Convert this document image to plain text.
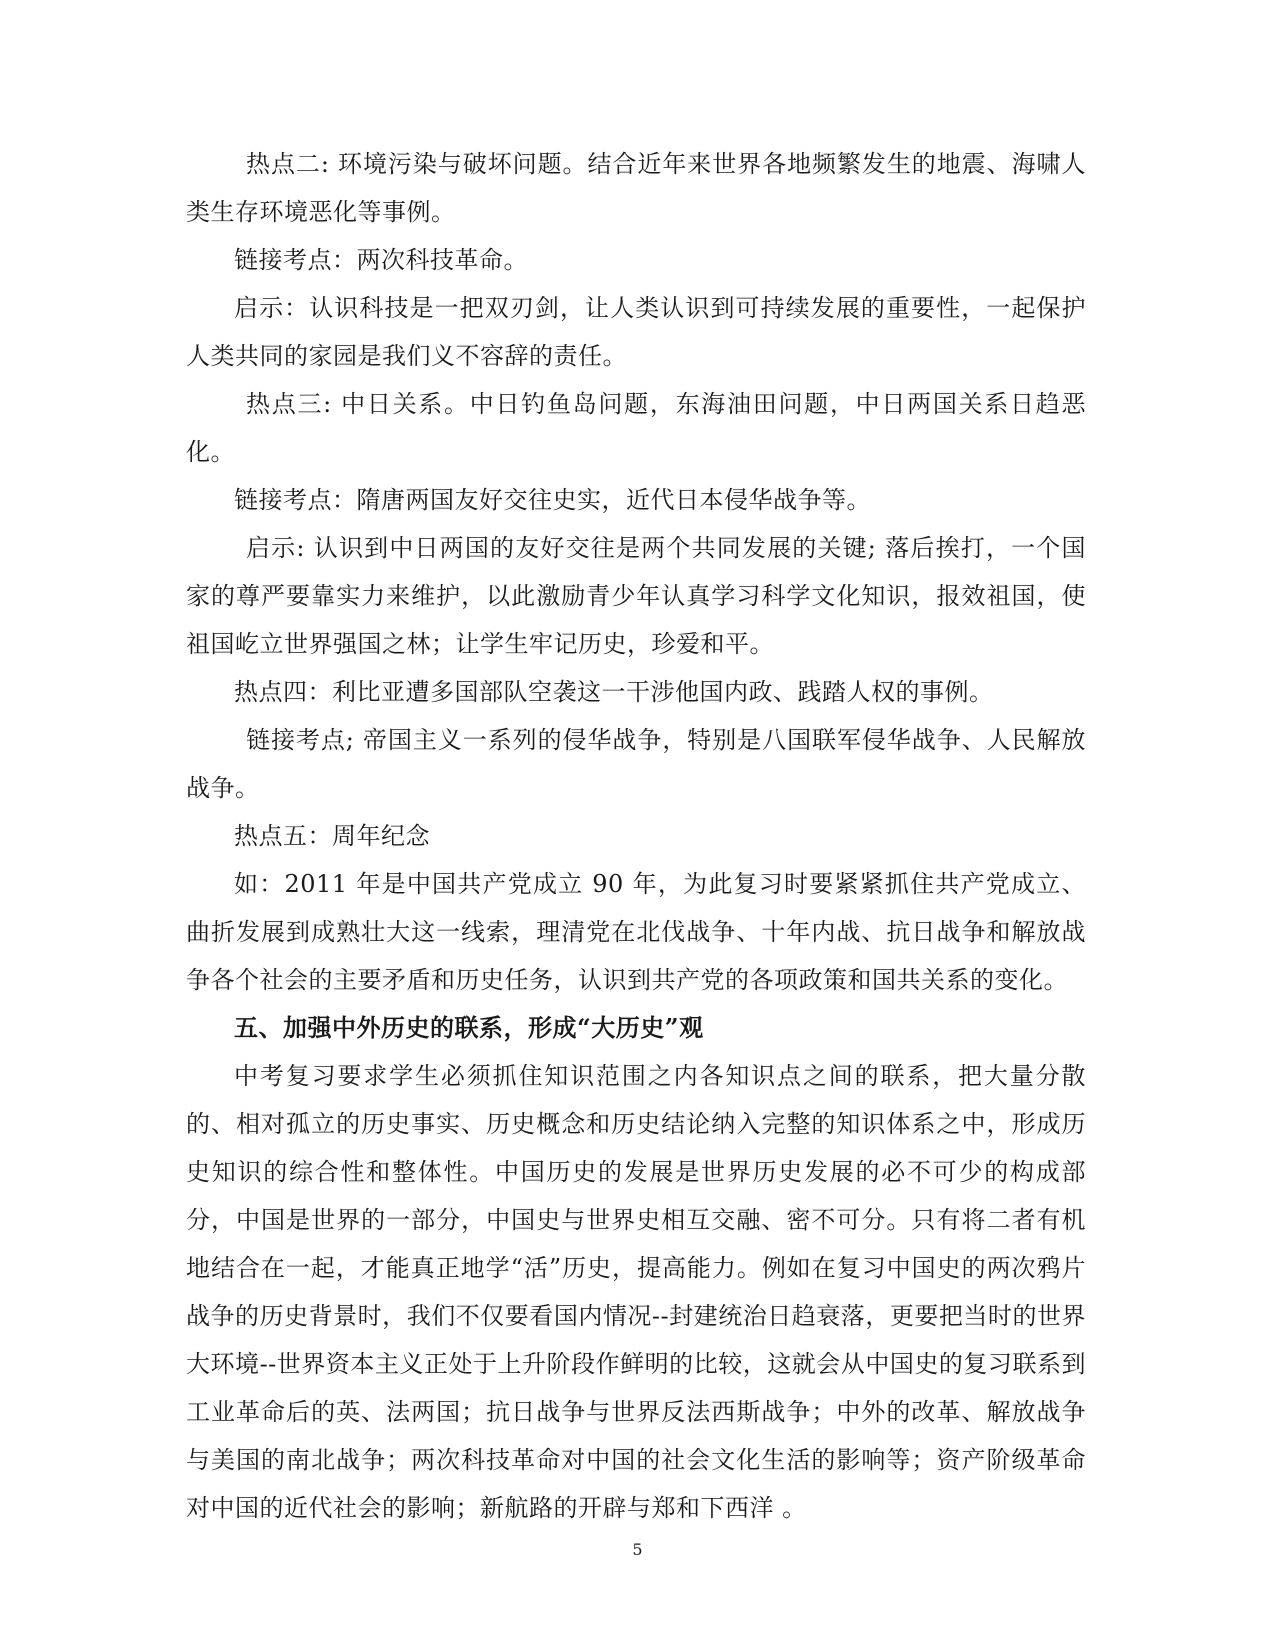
热点二: 环境污染与破坏问题。结合近年来世界各地频繁发生的地震、海啸人类生存环境恶化等事例。

链接考点：两次科技革命。

启示：认识科技是一把双刃剑，让人类认识到可持续发展的重要性，一起保护人类共同的家园是我们义不容辞的责任。

热点三: 中日关系。中日钓鱼岛问题，东海油田问题，中日两国关系日趋恶化。

链接考点：隋唐两国友好交往史实，近代日本侵华战争等。

启示: 认识到中日两国的友好交往是两个共同发展的关键; 落后挨打，一个国家的尊严要靠实力来维护，以此激励青少年认真学习科学文化知识，报效祖国，使祖国屹立世界强国之林；让学生牢记历史，珍爱和平。

热点四：利比亚遭多国部队空袭这一干涉他国内政、践踏人权的事例。

链接考点; 帝国主义一系列的侵华战争，特别是八国联军侵华战争、人民解放战争。

热点五：周年纪念

如：2011 年是中国共产党成立 90 年，为此复习时要紧紧抓住共产党成立、曲折发展到成熟壮大这一线索，理清党在北伐战争、十年内战、抗日战争和解放战争各个社会的主要矛盾和历史任务，认识到共产党的各项政策和国共关系的变化。

五、加强中外历史的联系，形成“大历史”观

中考复习要求学生必须抓住知识范围之内各知识点之间的联系，把大量分散的、相对孤立的历史事实、历史概念和历史结论纳入完整的知识体系之中，形成历史知识的综合性和整体性。中国历史的发展是世界历史发展的必不可少的构成部分，中国是世界的一部分，中国史与世界史相互交融、密不可分。只有将二者有机地结合在一起，才能真正地学“活”历史，提高能力。例如在复习中国史的两次鸦片战争的历史背景时，我们不仅要看国内情况--封建统治日趋衰落，更要把当时的世界大环境--世界资本主义正处于上升阶段作鲜明的比较，这就会从中国史的复习联系到工业革命后的英、法两国；抗日战争与世界反法西斯战争；中外的改革、解放战争与美国的南北战争；两次科技革命对中国的社会文化生活的影响等；资产阶级革命对中国的近代社会的影响；新航路的开辟与郑和下西洋 。

5
